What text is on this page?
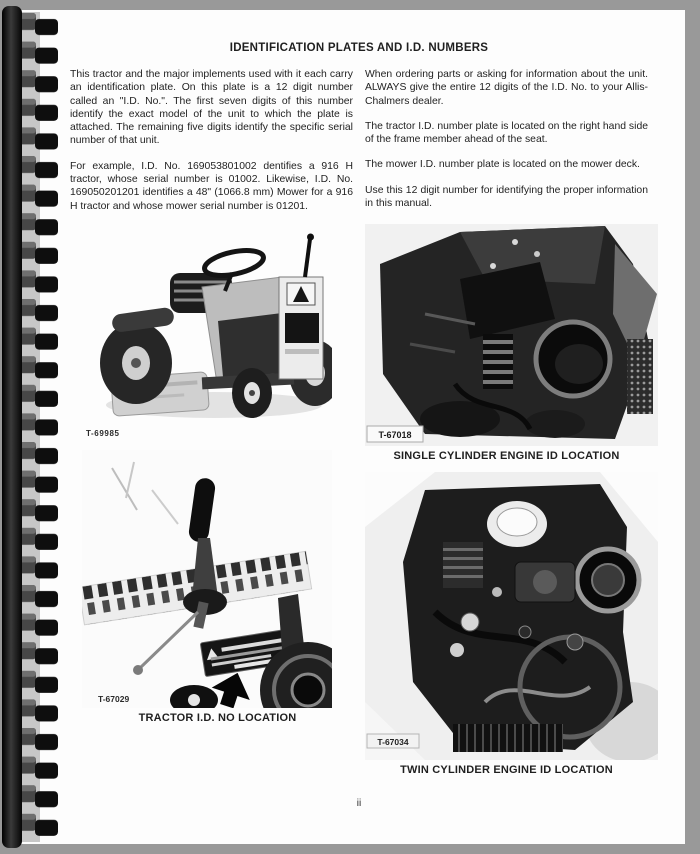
IDENTIFICATION PLATES AND I.D. NUMBERS

This tractor and the major implements used with it each carry an identification plate. On this plate is a 12 digit number called an "I.D. No.". The first seven digits of this number identify the exact model of the unit to which the plate is attached. The remaining five digits identify the specific serial number of that unit.

For example, I.D. No. 169053801002 dentifies a 916 H tractor, whose serial number is 01002. Likewise, I.D. No. 169050201201 identifies a 48" (1066.8 mm) Mower for a 916 H tractor and whose mower serial number is 01201.

T-69985
T-67029
TRACTOR I.D. NO LOCATION

When ordering parts or asking for information about the unit. ALWAYS give the entire 12 digits of the I.D. No. to your Allis-Chalmers dealer.

The tractor I.D. number plate is located on the right hand side of the frame member ahead of the seat.

The mower I.D. number plate is located on the mower deck.

Use this 12 digit number for identifying the proper information in this manual.

T-67018
SINGLE CYLINDER ENGINE ID LOCATION
T-67034
TWIN CYLINDER ENGINE ID LOCATION
ii
